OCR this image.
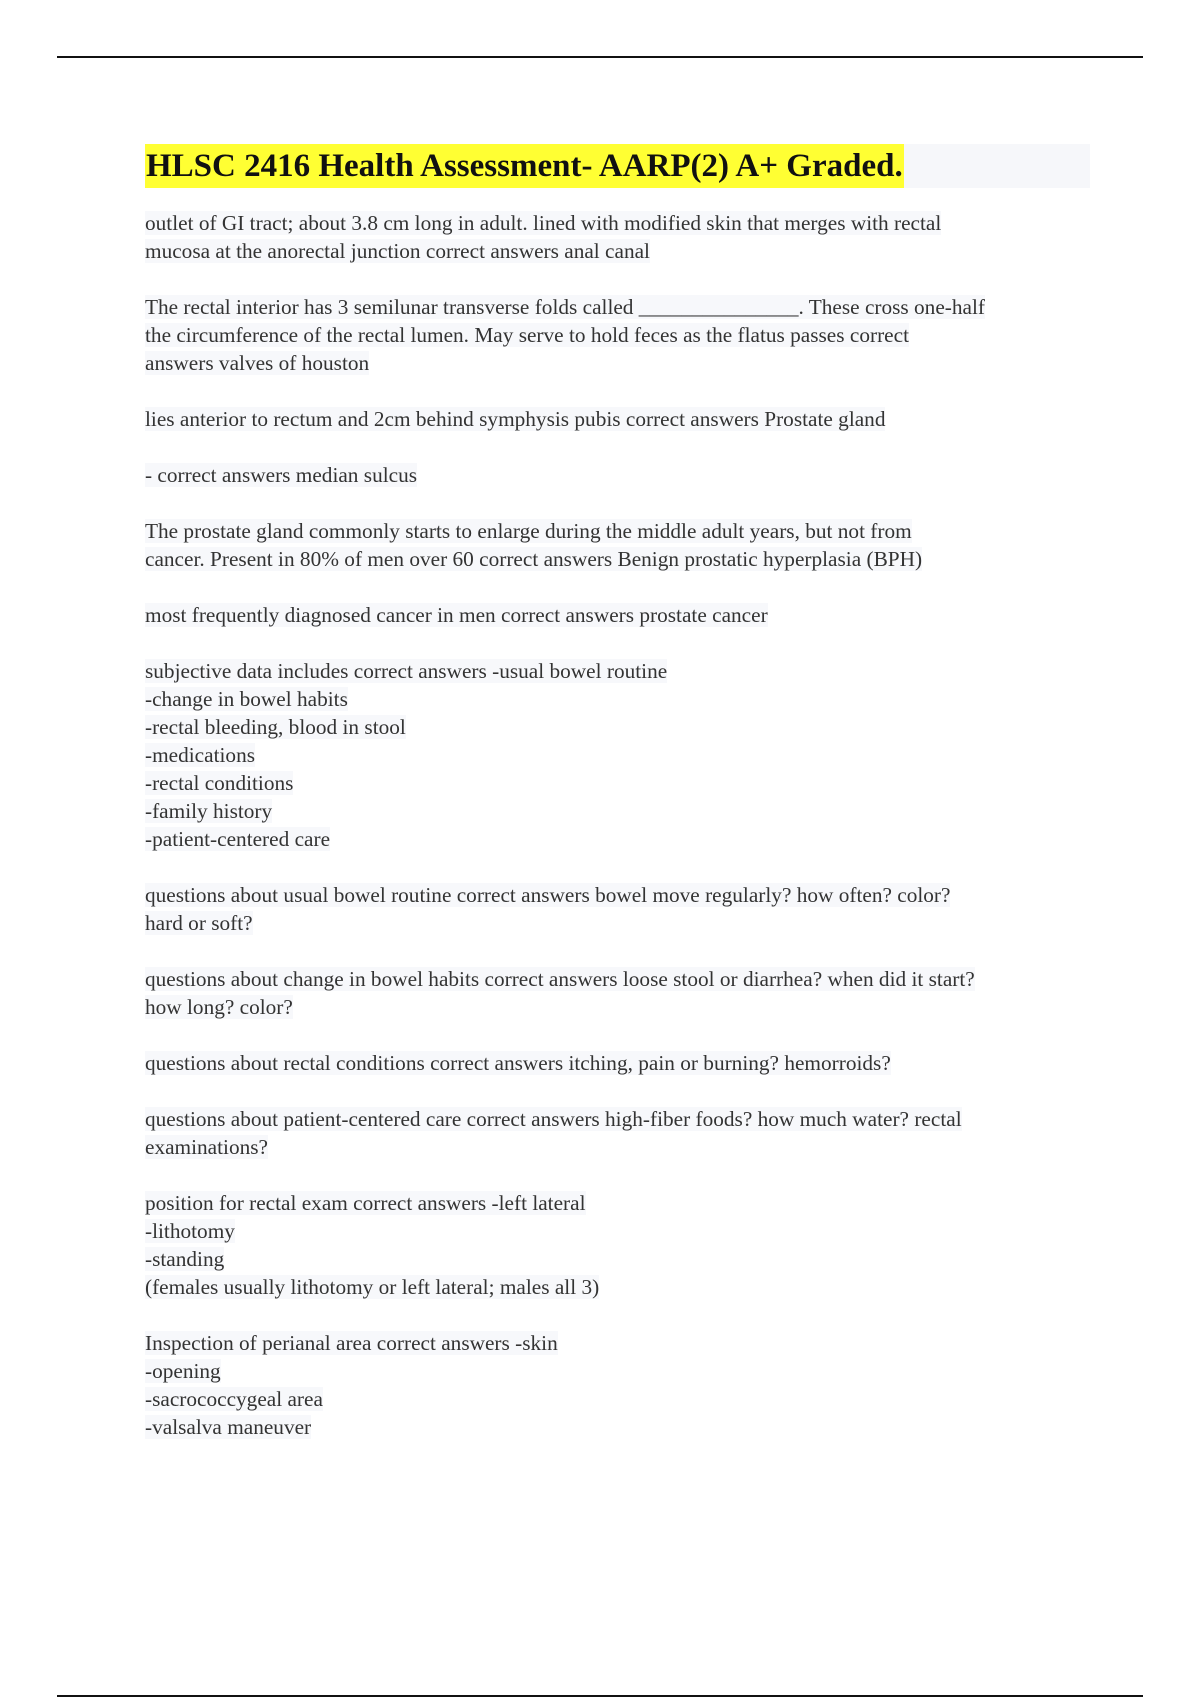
HLSC 2416 Health Assessment- AARP(2) A+ Graded.
outlet of GI tract; about 3.8 cm long in adult. lined with modified skin that merges with rectal
mucosa at the anorectal junction correct answers anal canal
The rectal interior has 3 semilunar transverse folds called _______________. These cross one-half
the circumference of the rectal lumen. May serve to hold feces as the flatus passes correct
answers valves of houston
lies anterior to rectum and 2cm behind symphysis pubis correct answers Prostate gland
- correct answers median sulcus
The prostate gland commonly starts to enlarge during the middle adult years, but not from
cancer. Present in 80% of men over 60 correct answers Benign prostatic hyperplasia (BPH)
most frequently diagnosed cancer in men correct answers prostate cancer
subjective data includes correct answers -usual bowel routine
-change in bowel habits
-rectal bleeding, blood in stool
-medications
-rectal conditions
-family history
-patient-centered care
questions about usual bowel routine correct answers bowel move regularly? how often? color?
hard or soft?
questions about change in bowel habits correct answers loose stool or diarrhea? when did it start?
how long? color?
questions about rectal conditions correct answers itching, pain or burning? hemorroids?
questions about patient-centered care correct answers high-fiber foods? how much water? rectal
examinations?
position for rectal exam correct answers -left lateral
-lithotomy
-standing
(females usually lithotomy or left lateral; males all 3)
Inspection of perianal area correct answers -skin
-opening
-sacrococcygeal area
-valsalva maneuver
